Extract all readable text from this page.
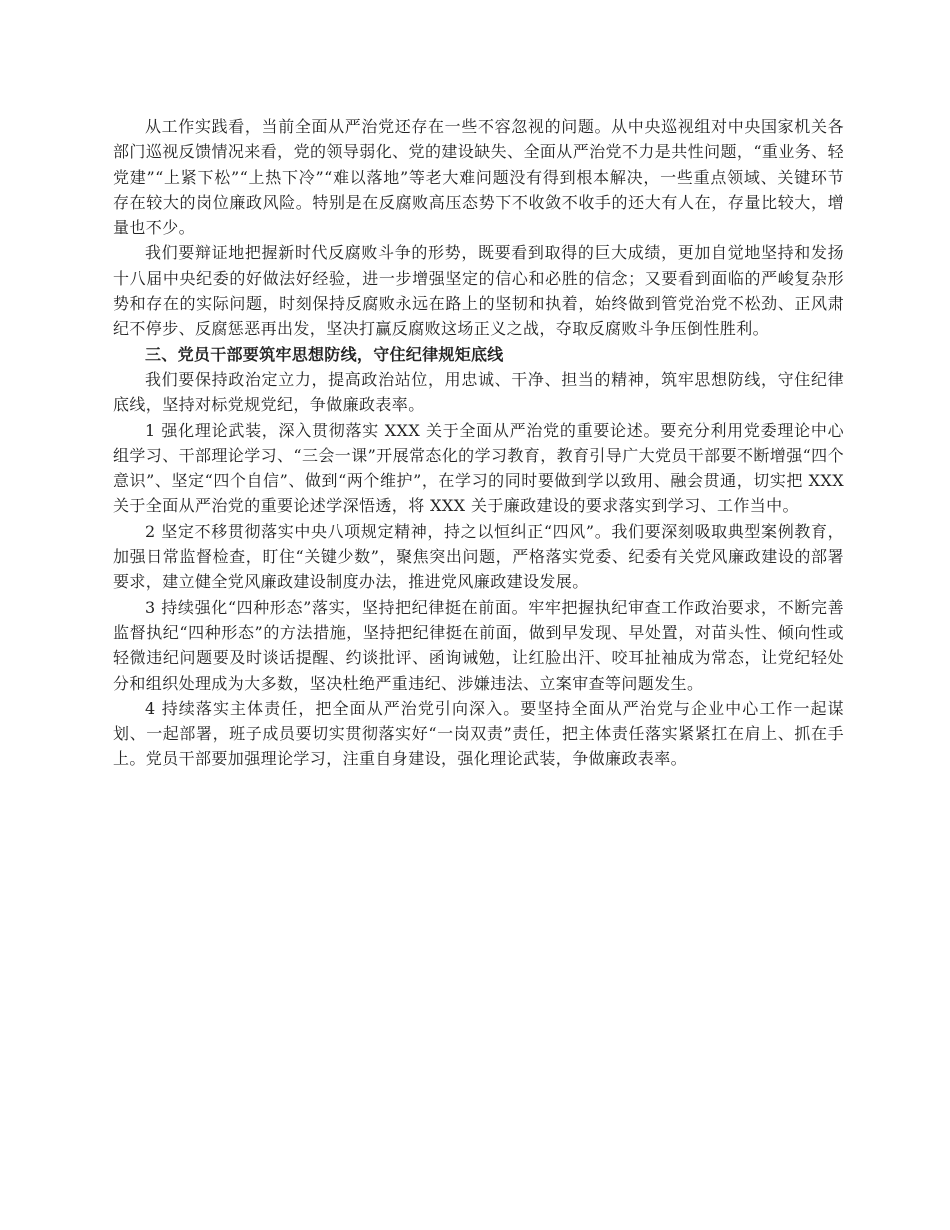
从工作实践看，当前全面从严治党还存在一些不容忽视的问题。从中央巡视组对中央国家机关各部门巡视反馈情况来看，党的领导弱化、党的建设缺失、全面从严治党不力是共性问题，“重业务、轻党建”“上紧下松”“上热下冷”“难以落地”等老大难问题没有得到根本解决，一些重点领域、关键环节存在较大的岗位廉政风险。特别是在反腐败高压态势下不收敛不收手的还大有人在，存量比较大，增量也不少。

我们要辩证地把握新时代反腐败斗争的形势，既要看到取得的巨大成绩，更加自觉地坚持和发扬十八届中央纪委的好做法好经验，进一步增强坚定的信心和必胜的信念；又要看到面临的严峻复杂形势和存在的实际问题，时刻保持反腐败永远在路上的坚韧和执着，始终做到管党治党不松劲、正风肃纪不停步、反腐惩恶再出发，坚决打赢反腐败这场正义之战，夺取反腐败斗争压倒性胜利。

三、党员干部要筑牢思想防线，守住纪律规矩底线

我们要保持政治定立力，提高政治站位，用忠诚、干净、担当的精神，筑牢思想防线，守住纪律底线，坚持对标党规党纪，争做廉政表率。

1 强化理论武装，深入贯彻落实 XXX 关于全面从严治党的重要论述。要充分利用党委理论中心组学习、干部理论学习、“三会一课”开展常态化的学习教育，教育引导广大党员干部要不断增强“四个意识”、坚定“四个自信”、做到“两个维护”，在学习的同时要做到学以致用、融会贯通，切实把 XXX 关于全面从严治党的重要论述学深悟透，将 XXX 关于廉政建设的要求落实到学习、工作当中。

2 坚定不移贯彻落实中央八项规定精神，持之以恒纠正“四风”。我们要深刻吸取典型案例教育，加强日常监督检查，盯住“关键少数”，聚焦突出问题，严格落实党委、纪委有关党风廉政建设的部署要求，建立健全党风廉政建设制度办法，推进党风廉政建设发展。

3 持续强化“四种形态”落实，坚持把纪律挺在前面。牢牢把握执纪审查工作政治要求，不断完善监督执纪“四种形态”的方法措施，坚持把纪律挺在前面，做到早发现、早处置，对苗头性、倾向性或轻微违纪问题要及时谈话提醒、约谈批评、函询诫勉，让红脸出汗、咬耳扯袖成为常态，让党纪轻处分和组织处理成为大多数，坚决杜绝严重违纪、涉嫌违法、立案审查等问题发生。

4 持续落实主体责任，把全面从严治党引向深入。要坚持全面从严治党与企业中心工作一起谋划、一起部署，班子成员要切实贯彻落实好“一岗双责”责任，把主体责任落实紧紧扛在肩上、抓在手上。党员干部要加强理论学习，注重自身建设，强化理论武装，争做廉政表率。
